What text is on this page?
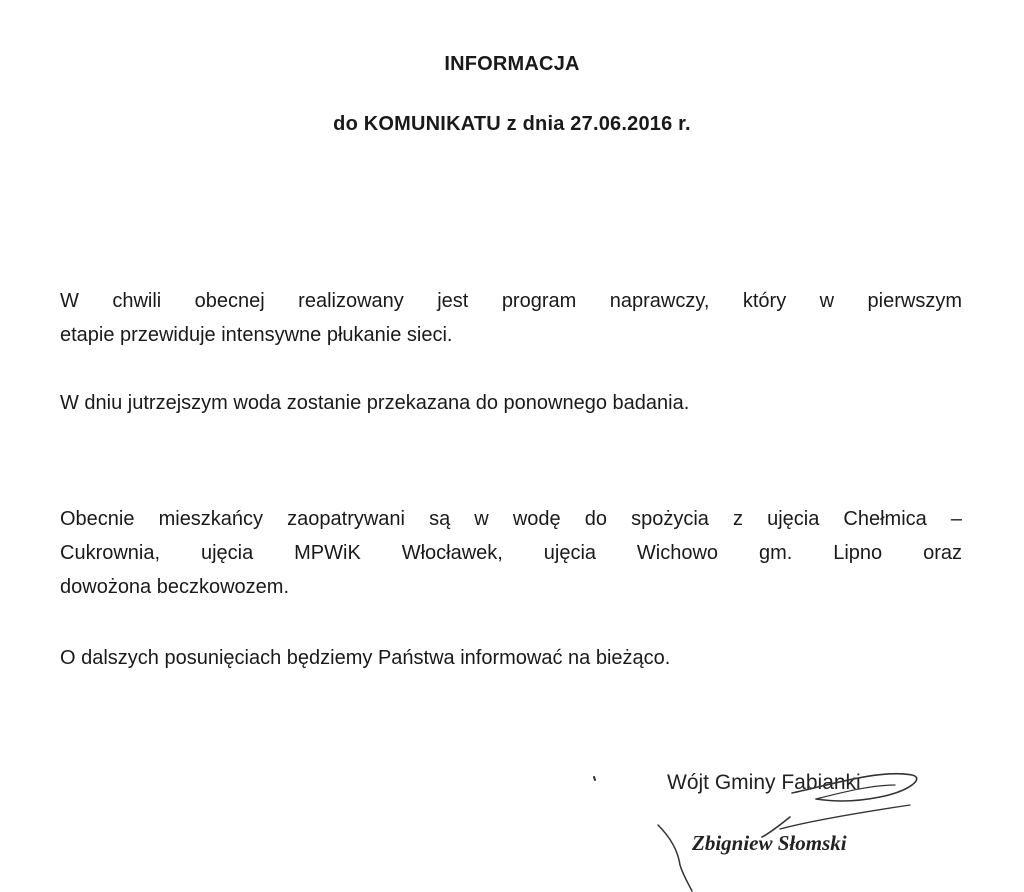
INFORMACJA
do KOMUNIKATU z dnia 27.06.2016 r.
W chwili obecnej realizowany jest program naprawczy, który w pierwszym
etapie przewiduje intensywne płukanie sieci.
W dniu jutrzejszym woda zostanie przekazana do ponownego badania.
Obecnie mieszkańcy zaopatrywani są w wodę do spożycia z ujęcia Chełmica –
Cukrownia, ujęcia MPWiK Włocławek, ujęcia Wichowo gm. Lipno oraz
dowożona beczkowozem.
O dalszych posunięciach będziemy Państwa informować na bieżąco.
Wójt Gminy Fabianki
Zbigniew Słomski
